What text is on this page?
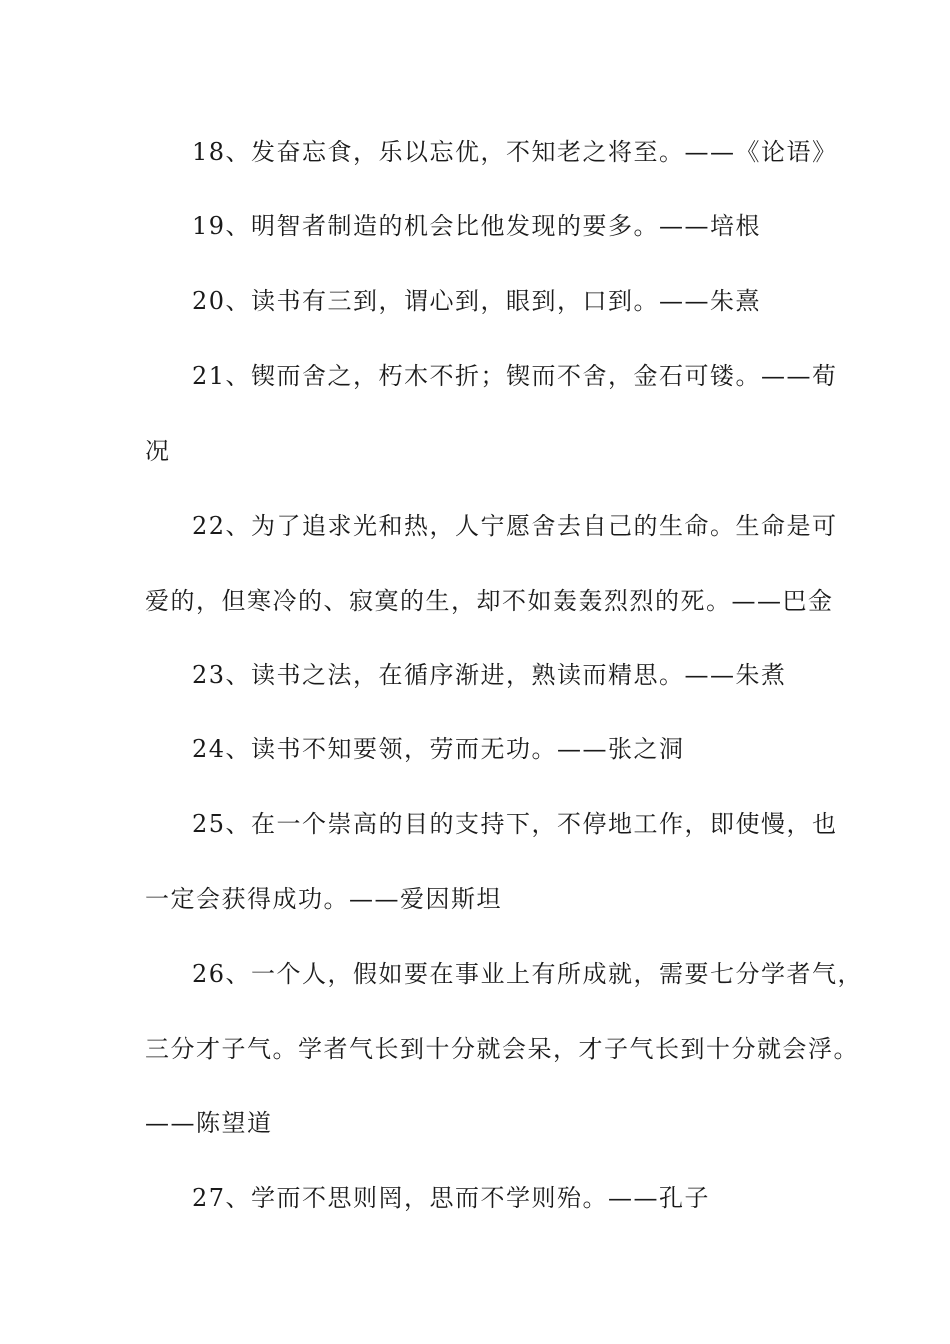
18、发奋忘食，乐以忘优，不知老之将至。——《论语》
19、明智者制造的机会比他发现的要多。——培根
20、读书有三到，谓心到，眼到，口到。——朱熹
21、锲而舍之，朽木不折；锲而不舍，金石可镂。——荀
况
22、为了追求光和热，人宁愿舍去自己的生命。生命是可
爱的，但寒冷的、寂寞的生，却不如轰轰烈烈的死。——巴金
23、读书之法，在循序渐进，熟读而精思。——朱煮
24、读书不知要领，劳而无功。——张之洞
25、在一个崇高的目的支持下，不停地工作，即使慢，也
一定会获得成功。——爱因斯坦
26、一个人，假如要在事业上有所成就，需要七分学者气，
三分才子气。学者气长到十分就会呆，才子气长到十分就会浮。
——陈望道
27、学而不思则罔，思而不学则殆。——孔子
